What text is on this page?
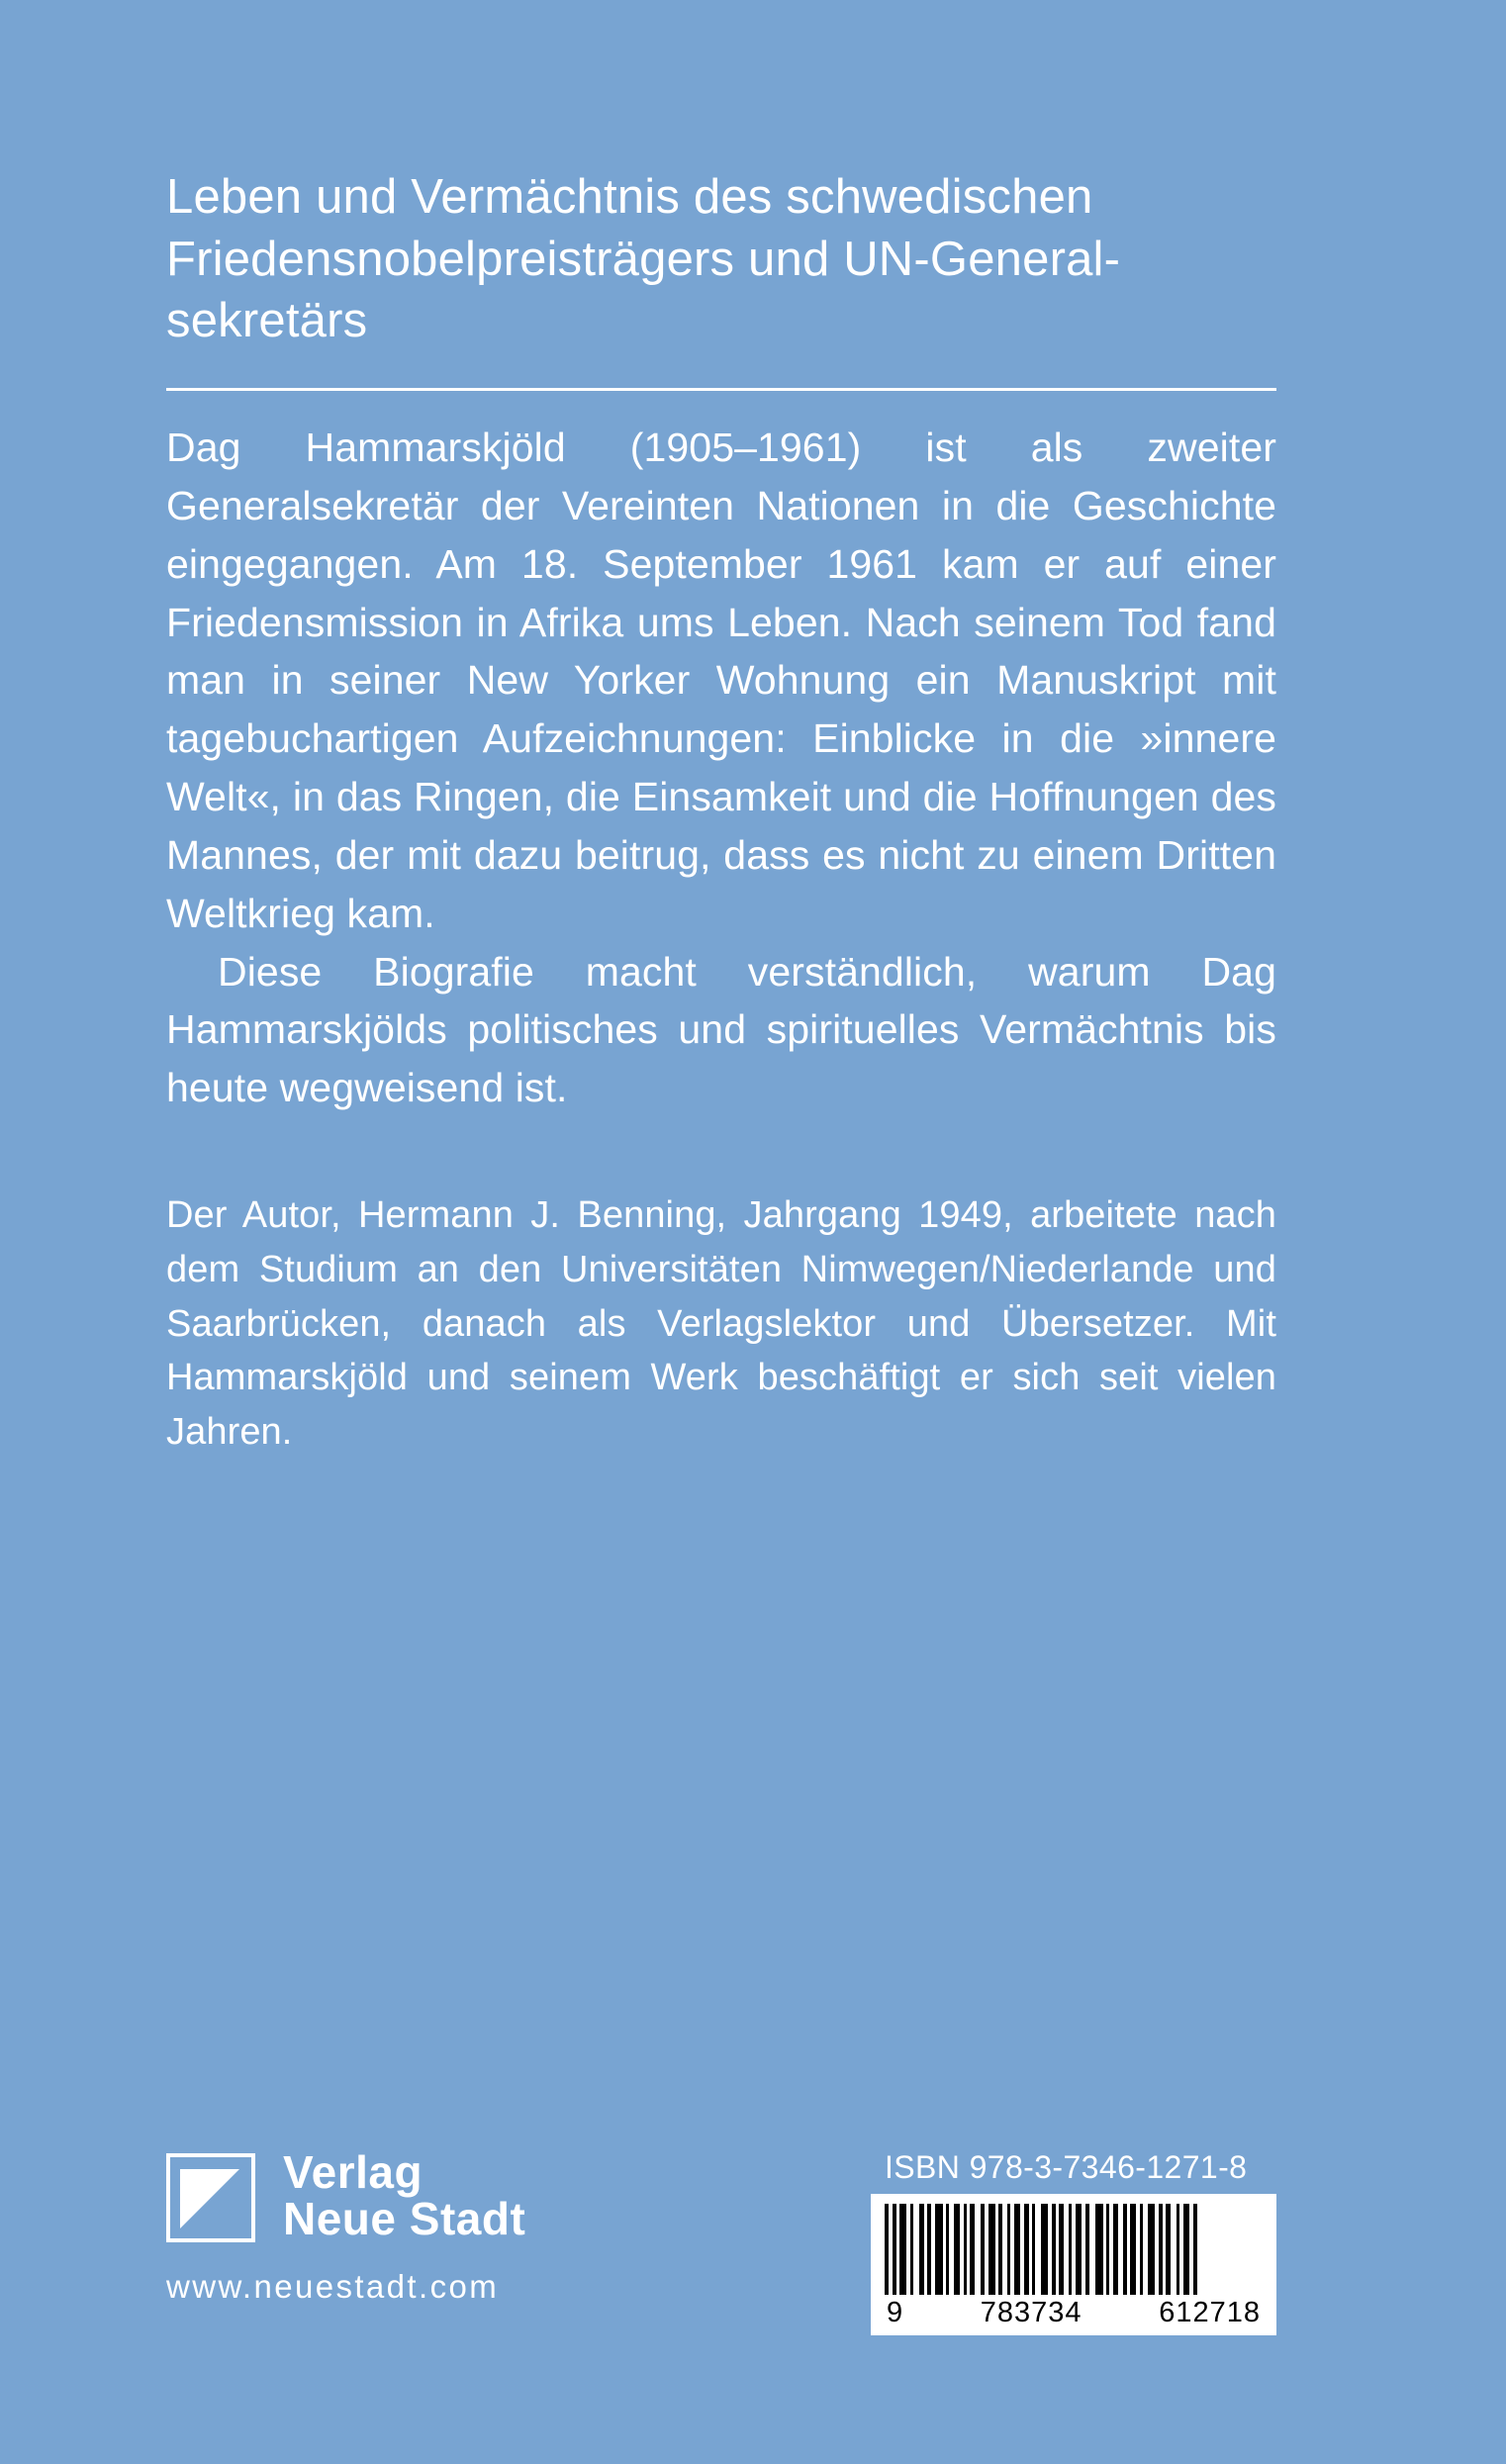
Leben und Vermächtnis des schwedischen
Friedensnobelpreisträgers und UN-General-
sekretärs

Dag Hammarskjöld (1905–1961) ist als zweiter Generalsekretär der Vereinten Nationen in die Geschichte eingegangen. Am 18. September 1961 kam er auf einer Friedensmission in Afrika ums Leben. Nach seinem Tod fand man in seiner New Yorker Wohnung ein Manuskript mit tagebuchartigen Aufzeichnungen: Einblicke in die »innere Welt«, in das Ringen, die Einsamkeit und die Hoffnungen des Mannes, der mit dazu beitrug, dass es nicht zu einem Dritten Weltkrieg kam.

Diese Biografie macht verständlich, warum Dag Hammarskjölds politisches und spirituelles Vermächtnis bis heute wegweisend ist.

Der Autor, Hermann J. Benning, Jahrgang 1949, arbeitete nach dem Studium an den Universitäten Nimwegen/Niederlande und Saarbrücken, danach als Verlagslektor und Übersetzer. Mit Hammarskjöld und seinem Werk beschäftigt er sich seit vielen Jahren.

Verlag
Neue Stadt
www.neuestadt.com
ISBN 978-3-7346-1271-8
9	783734	612718
